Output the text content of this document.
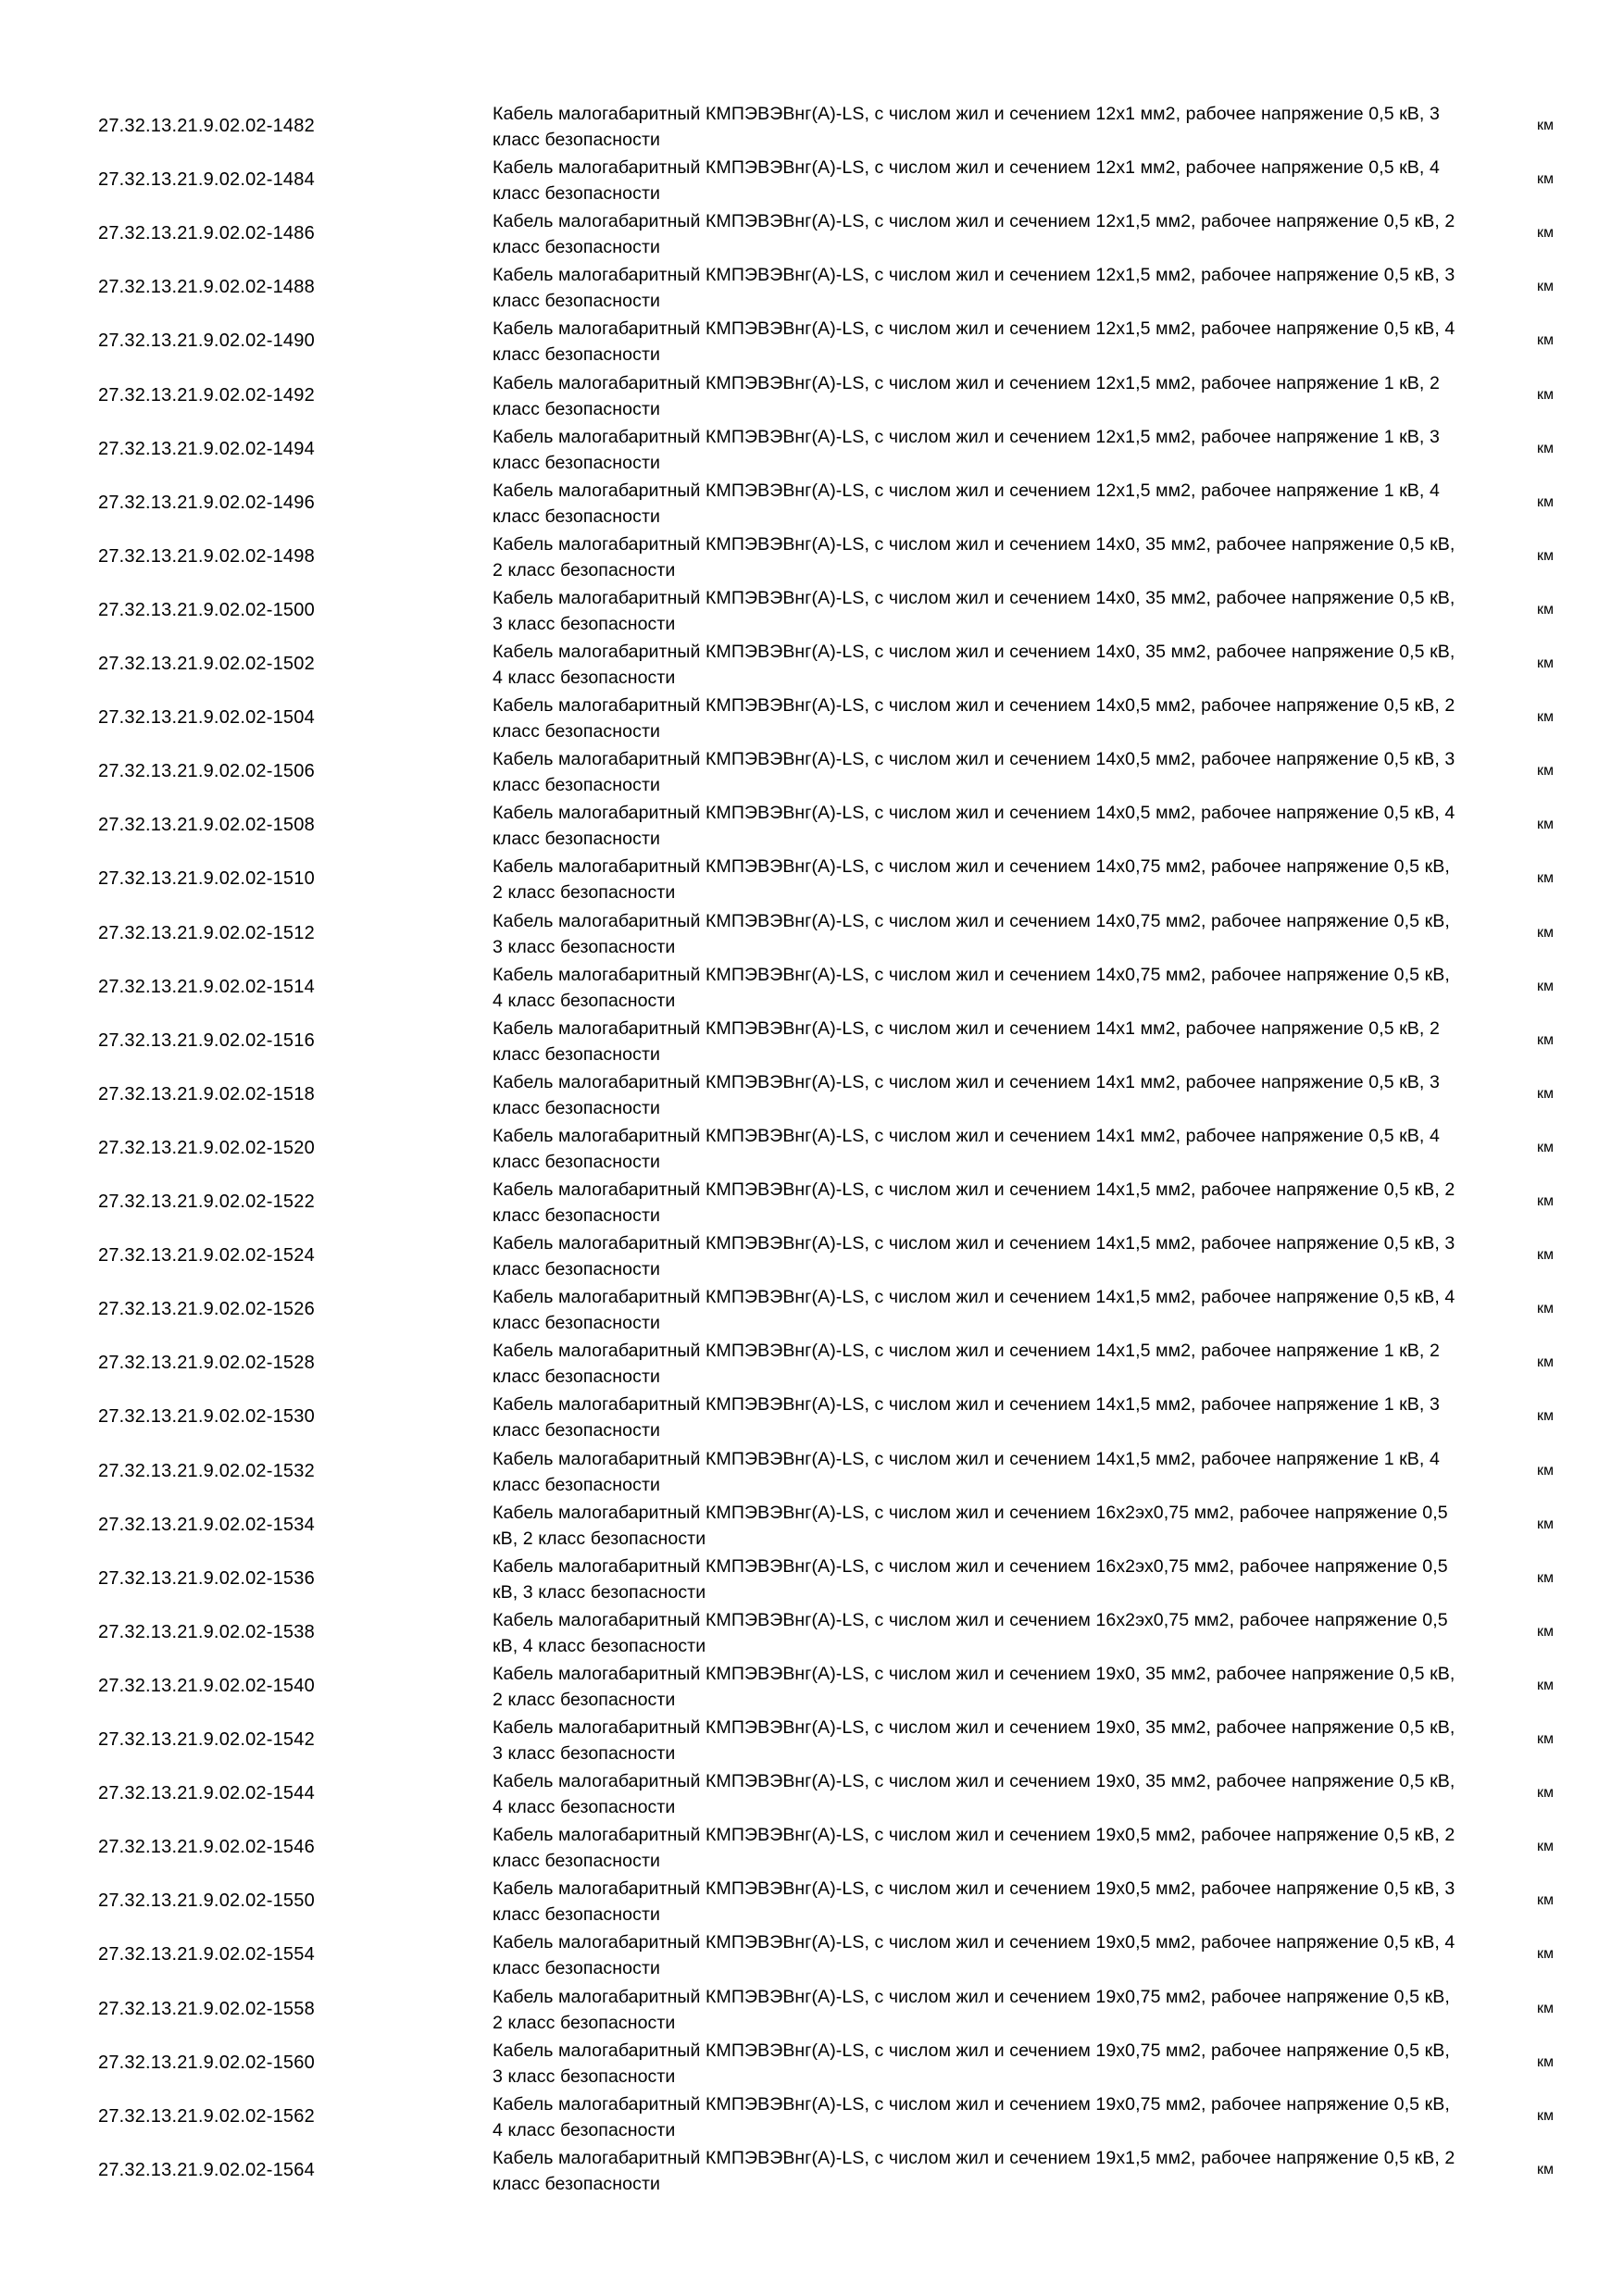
27.32.13.21.9.02.02-1482
Кабель малогабаритный КМПЭВЭВнг(А)-LS, с числом жил и сечением 12х1 мм2, рабочее напряжение 0,5 кВ, 3 класс безопасности
км
27.32.13.21.9.02.02-1484
Кабель малогабаритный КМПЭВЭВнг(А)-LS, с числом жил и сечением 12х1 мм2, рабочее напряжение 0,5 кВ, 4 класс безопасности
км
27.32.13.21.9.02.02-1486
Кабель малогабаритный КМПЭВЭВнг(А)-LS, с числом жил и сечением 12х1,5 мм2, рабочее напряжение 0,5 кВ, 2 класс безопасности
км
27.32.13.21.9.02.02-1488
Кабель малогабаритный КМПЭВЭВнг(А)-LS, с числом жил и сечением 12х1,5 мм2, рабочее напряжение 0,5 кВ, 3 класс безопасности
км
27.32.13.21.9.02.02-1490
Кабель малогабаритный КМПЭВЭВнг(А)-LS, с числом жил и сечением 12х1,5 мм2, рабочее напряжение 0,5 кВ, 4 класс безопасности
км
27.32.13.21.9.02.02-1492
Кабель малогабаритный КМПЭВЭВнг(А)-LS, с числом жил и сечением 12х1,5 мм2, рабочее напряжение 1 кВ, 2 класс безопасности
км
27.32.13.21.9.02.02-1494
Кабель малогабаритный КМПЭВЭВнг(А)-LS, с числом жил и сечением 12х1,5 мм2, рабочее напряжение 1 кВ, 3 класс безопасности
км
27.32.13.21.9.02.02-1496
Кабель малогабаритный КМПЭВЭВнг(А)-LS, с числом жил и сечением 12х1,5 мм2, рабочее напряжение 1 кВ, 4 класс безопасности
км
27.32.13.21.9.02.02-1498
Кабель малогабаритный КМПЭВЭВнг(А)-LS, с числом жил и сечением 14х0, 35 мм2, рабочее напряжение 0,5 кВ, 2 класс безопасности
км
27.32.13.21.9.02.02-1500
Кабель малогабаритный КМПЭВЭВнг(А)-LS, с числом жил и сечением 14х0, 35 мм2, рабочее напряжение 0,5 кВ, 3 класс безопасности
км
27.32.13.21.9.02.02-1502
Кабель малогабаритный КМПЭВЭВнг(А)-LS, с числом жил и сечением 14х0, 35 мм2, рабочее напряжение 0,5 кВ, 4 класс безопасности
км
27.32.13.21.9.02.02-1504
Кабель малогабаритный КМПЭВЭВнг(А)-LS, с числом жил и сечением 14х0,5 мм2, рабочее напряжение 0,5 кВ, 2 класс безопасности
км
27.32.13.21.9.02.02-1506
Кабель малогабаритный КМПЭВЭВнг(А)-LS, с числом жил и сечением 14х0,5 мм2, рабочее напряжение 0,5 кВ, 3 класс безопасности
км
27.32.13.21.9.02.02-1508
Кабель малогабаритный КМПЭВЭВнг(А)-LS, с числом жил и сечением 14х0,5 мм2, рабочее напряжение 0,5 кВ, 4 класс безопасности
км
27.32.13.21.9.02.02-1510
Кабель малогабаритный КМПЭВЭВнг(А)-LS, с числом жил и сечением 14х0,75 мм2, рабочее напряжение 0,5 кВ, 2 класс безопасности
км
27.32.13.21.9.02.02-1512
Кабель малогабаритный КМПЭВЭВнг(А)-LS, с числом жил и сечением 14х0,75 мм2, рабочее напряжение 0,5 кВ, 3 класс безопасности
км
27.32.13.21.9.02.02-1514
Кабель малогабаритный КМПЭВЭВнг(А)-LS, с числом жил и сечением 14х0,75 мм2, рабочее напряжение 0,5 кВ, 4 класс безопасности
км
27.32.13.21.9.02.02-1516
Кабель малогабаритный КМПЭВЭВнг(А)-LS, с числом жил и сечением 14х1 мм2, рабочее напряжение 0,5 кВ, 2 класс безопасности
км
27.32.13.21.9.02.02-1518
Кабель малогабаритный КМПЭВЭВнг(А)-LS, с числом жил и сечением 14х1 мм2, рабочее напряжение 0,5 кВ, 3 класс безопасности
км
27.32.13.21.9.02.02-1520
Кабель малогабаритный КМПЭВЭВнг(А)-LS, с числом жил и сечением 14х1 мм2, рабочее напряжение 0,5 кВ, 4 класс безопасности
км
27.32.13.21.9.02.02-1522
Кабель малогабаритный КМПЭВЭВнг(А)-LS, с числом жил и сечением 14х1,5 мм2, рабочее напряжение 0,5 кВ, 2 класс безопасности
км
27.32.13.21.9.02.02-1524
Кабель малогабаритный КМПЭВЭВнг(А)-LS, с числом жил и сечением 14х1,5 мм2, рабочее напряжение 0,5 кВ, 3 класс безопасности
км
27.32.13.21.9.02.02-1526
Кабель малогабаритный КМПЭВЭВнг(А)-LS, с числом жил и сечением 14х1,5 мм2, рабочее напряжение 0,5 кВ, 4 класс безопасности
км
27.32.13.21.9.02.02-1528
Кабель малогабаритный КМПЭВЭВнг(А)-LS, с числом жил и сечением 14х1,5 мм2, рабочее напряжение 1 кВ, 2 класс безопасности
км
27.32.13.21.9.02.02-1530
Кабель малогабаритный КМПЭВЭВнг(А)-LS, с числом жил и сечением 14х1,5 мм2, рабочее напряжение 1 кВ, 3 класс безопасности
км
27.32.13.21.9.02.02-1532
Кабель малогабаритный КМПЭВЭВнг(А)-LS, с числом жил и сечением 14х1,5 мм2, рабочее напряжение 1 кВ, 4 класс безопасности
км
27.32.13.21.9.02.02-1534
Кабель малогабаритный КМПЭВЭВнг(А)-LS, с числом жил и сечением 16х2эх0,75 мм2, рабочее напряжение 0,5 кВ, 2 класс безопасности
км
27.32.13.21.9.02.02-1536
Кабель малогабаритный КМПЭВЭВнг(А)-LS, с числом жил и сечением 16х2эх0,75 мм2, рабочее напряжение 0,5 кВ, 3 класс безопасности
км
27.32.13.21.9.02.02-1538
Кабель малогабаритный КМПЭВЭВнг(А)-LS, с числом жил и сечением 16х2эх0,75 мм2, рабочее напряжение 0,5 кВ, 4 класс безопасности
км
27.32.13.21.9.02.02-1540
Кабель малогабаритный КМПЭВЭВнг(А)-LS, с числом жил и сечением 19х0, 35 мм2, рабочее напряжение 0,5 кВ, 2 класс безопасности
км
27.32.13.21.9.02.02-1542
Кабель малогабаритный КМПЭВЭВнг(А)-LS, с числом жил и сечением 19х0, 35 мм2, рабочее напряжение 0,5 кВ, 3 класс безопасности
км
27.32.13.21.9.02.02-1544
Кабель малогабаритный КМПЭВЭВнг(А)-LS, с числом жил и сечением 19х0, 35 мм2, рабочее напряжение 0,5 кВ, 4 класс безопасности
км
27.32.13.21.9.02.02-1546
Кабель малогабаритный КМПЭВЭВнг(А)-LS, с числом жил и сечением 19х0,5 мм2, рабочее напряжение 0,5 кВ, 2 класс безопасности
км
27.32.13.21.9.02.02-1550
Кабель малогабаритный КМПЭВЭВнг(А)-LS, с числом жил и сечением 19х0,5 мм2, рабочее напряжение 0,5 кВ, 3 класс безопасности
км
27.32.13.21.9.02.02-1554
Кабель малогабаритный КМПЭВЭВнг(А)-LS, с числом жил и сечением 19х0,5 мм2, рабочее напряжение 0,5 кВ, 4 класс безопасности
км
27.32.13.21.9.02.02-1558
Кабель малогабаритный КМПЭВЭВнг(А)-LS, с числом жил и сечением 19х0,75 мм2, рабочее напряжение 0,5 кВ, 2 класс безопасности
км
27.32.13.21.9.02.02-1560
Кабель малогабаритный КМПЭВЭВнг(А)-LS, с числом жил и сечением 19х0,75 мм2, рабочее напряжение 0,5 кВ, 3 класс безопасности
км
27.32.13.21.9.02.02-1562
Кабель малогабаритный КМПЭВЭВнг(А)-LS, с числом жил и сечением 19х0,75 мм2, рабочее напряжение 0,5 кВ, 4 класс безопасности
км
27.32.13.21.9.02.02-1564
Кабель малогабаритный КМПЭВЭВнг(А)-LS, с числом жил и сечением 19х1,5 мм2, рабочее напряжение 0,5 кВ, 2 класс безопасности
км
